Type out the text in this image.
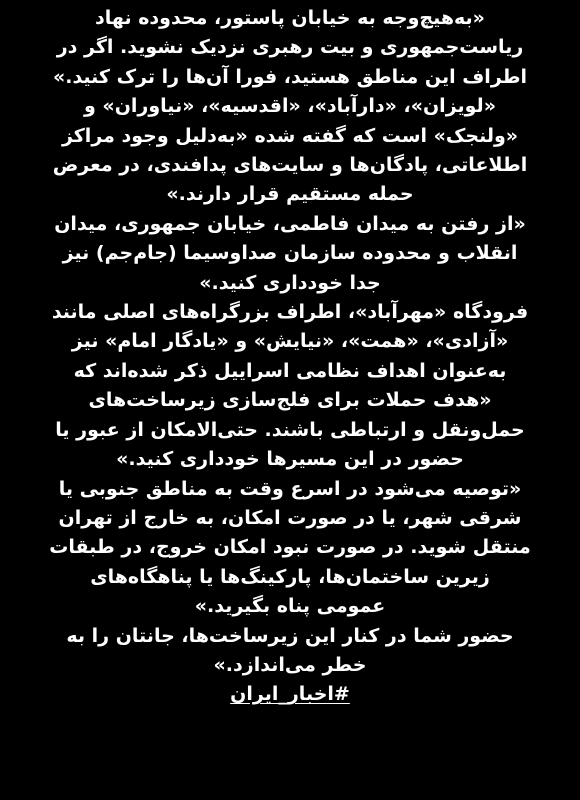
«به‌هیچ‌وجه به خیابان پاستور، محدوده نهاد
ریاست‌جمهوری و بیت رهبری نزدیک نشوید. اگر در
اطراف این مناطق هستید، فورا آن‌ها را ترک کنید.»
«لویزان»، «دارآباد»، «اقدسیه»، «نیاوران» و
«ولنجک» است که گفته شده «به‌دلیل وجود مراکز
اطلاعاتی، پادگان‌ها و سایت‌های پدافندی، در معرض
حمله مستقیم قرار دارند.»
«از رفتن به میدان فاطمی، خیابان جمهوری، میدان
انقلاب و محدوده سازمان صداوسیما (جام‌جم) نیز
جدا خودداری کنید.»
فرودگاه «مهرآباد»، اطراف بزرگراه‌های اصلی مانند
«آزادی»، «همت»، «نیایش» و «یادگار امام» نیز
به‌عنوان اهداف نظامی اسراییل ذکر شده‌اند که
«هدف حملات برای فلج‌سازی زیرساخت‌های
حمل‌ونقل و ارتباطی باشند. حتی‌الامکان از عبور یا
حضور در این مسیرها خودداری کنید.»
«توصیه می‌شود در اسرع وقت به مناطق جنوبی یا
شرقی شهر، یا در صورت امکان، به خارج از تهران
منتقل شوید. در صورت نبود امکان خروج، در طبقات
زیرین ساختمان‌ها، پارکینگ‌ها یا پناهگاه‌های
عمومی پناه بگیرید.»
حضور شما در کنار این زیرساخت‌ها، جانتان را به
خطر می‌اندازد.»
#اخبار_ایران
